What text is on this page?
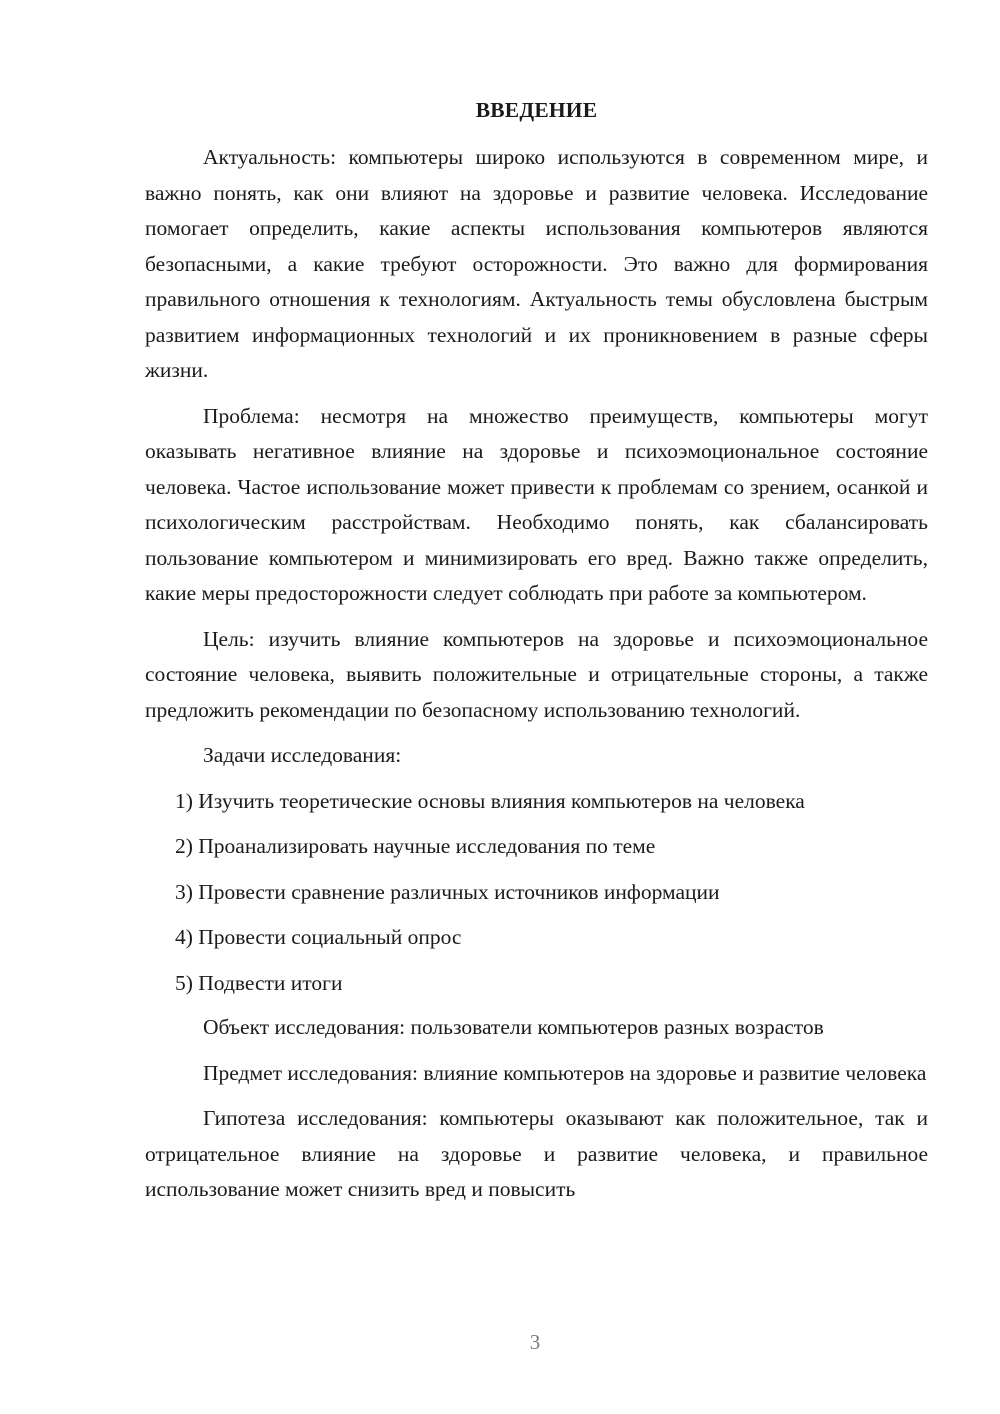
ВВЕДЕНИЕ

Актуальность: компьютеры широко используются в современном мире, и важно понять, как они влияют на здоровье и развитие человека. Исследование помогает определить, какие аспекты использования компьютеров являются безопасными, а какие требуют осторожности. Это важно для формирования правильного отношения к технологиям. Актуальность темы обусловлена быстрым развитием информационных технологий и их проникновением в разные сферы жизни.

Проблема: несмотря на множество преимуществ, компьютеры могут оказывать негативное влияние на здоровье и психоэмоциональное состояние человека. Частое использование может привести к проблемам со зрением, осанкой и психологическим расстройствам. Необходимо понять, как сбалансировать пользование компьютером и минимизировать его вред. Важно также определить, какие меры предосторожности следует соблюдать при работе за компьютером.

Цель: изучить влияние компьютеров на здоровье и психоэмоциональное состояние человека, выявить положительные и отрицательные стороны, а также предложить рекомендации по безопасному использованию технологий.

Задачи исследования:
1) Изучить теоретические основы влияния компьютеров на человека
2) Проанализировать научные исследования по теме
3) Провести сравнение различных источников информации
4) Провести социальный опрос
5) Подвести итоги

Объект исследования: пользователи компьютеров разных возрастов

Предмет исследования: влияние компьютеров на здоровье и развитие человека

Гипотеза исследования: компьютеры оказывают как положительное, так и отрицательное влияние на здоровье и развитие человека, и правильное использование может снизить вред и повысить

3
